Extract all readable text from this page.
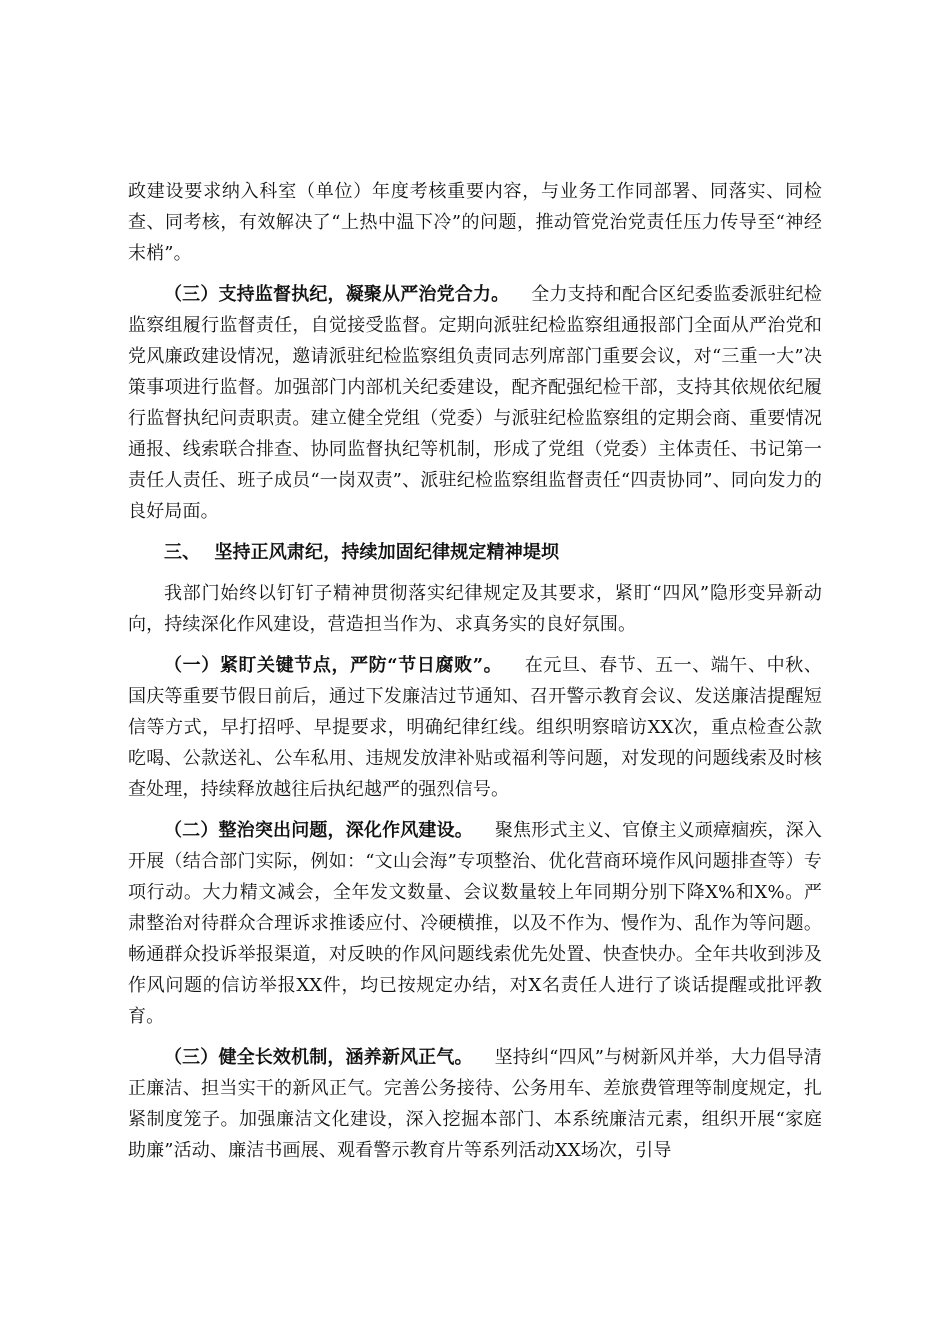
政建设要求纳入科室（单位）年度考核重要内容，与业务工作同部署、同落实、同检查、同考核，有效解决了“上热中温下冷”的问题，推动管党治党责任压力传导至“神经末梢”。

（三）支持监督执纪，凝聚从严治党合力。 全力支持和配合区纪委监委派驻纪检监察组履行监督责任，自觉接受监督。定期向派驻纪检监察组通报部门全面从严治党和党风廉政建设情况，邀请派驻纪检监察组负责同志列席部门重要会议，对“三重一大”决策事项进行监督。加强部门内部机关纪委建设，配齐配强纪检干部，支持其依规依纪履行监督执纪问责职责。建立健全党组（党委）与派驻纪检监察组的定期会商、重要情况通报、线索联合排查、协同监督执纪等机制，形成了党组（党委）主体责任、书记第一责任人责任、班子成员“一岗双责”、派驻纪检监察组监督责任“四责协同”、同向发力的良好局面。

三、 坚持正风肃纪，持续加固纪律规定精神堤坝

我部门始终以钉钉子精神贯彻落实纪律规定及其要求，紧盯“四风”隐形变异新动向，持续深化作风建设，营造担当作为、求真务实的良好氛围。

（一）紧盯关键节点，严防“节日腐败”。 在元旦、春节、五一、端午、中秋、国庆等重要节假日前后，通过下发廉洁过节通知、召开警示教育会议、发送廉洁提醒短信等方式，早打招呼、早提要求，明确纪律红线。组织明察暗访XX次，重点检查公款吃喝、公款送礼、公车私用、违规发放津补贴或福利等问题，对发现的问题线索及时核查处理，持续释放越往后执纪越严的强烈信号。

（二）整治突出问题，深化作风建设。 聚焦形式主义、官僚主义顽瘴痼疾，深入开展（结合部门实际，例如：“文山会海”专项整治、优化营商环境作风问题排查等）专项行动。大力精文减会，全年发文数量、会议数量较上年同期分别下降X%和X%。严肃整治对待群众合理诉求推诿应付、冷硬横推，以及不作为、慢作为、乱作为等问题。畅通群众投诉举报渠道，对反映的作风问题线索优先处置、快查快办。全年共收到涉及作风问题的信访举报XX件，均已按规定办结，对X名责任人进行了谈话提醒或批评教育。

（三）健全长效机制，涵养新风正气。 坚持纠“四风”与树新风并举，大力倡导清正廉洁、担当实干的新风正气。完善公务接待、公务用车、差旅费管理等制度规定，扎紧制度笼子。加强廉洁文化建设，深入挖掘本部门、本系统廉洁元素，组织开展“家庭助廉”活动、廉洁书画展、观看警示教育片等系列活动XX场次，引导
